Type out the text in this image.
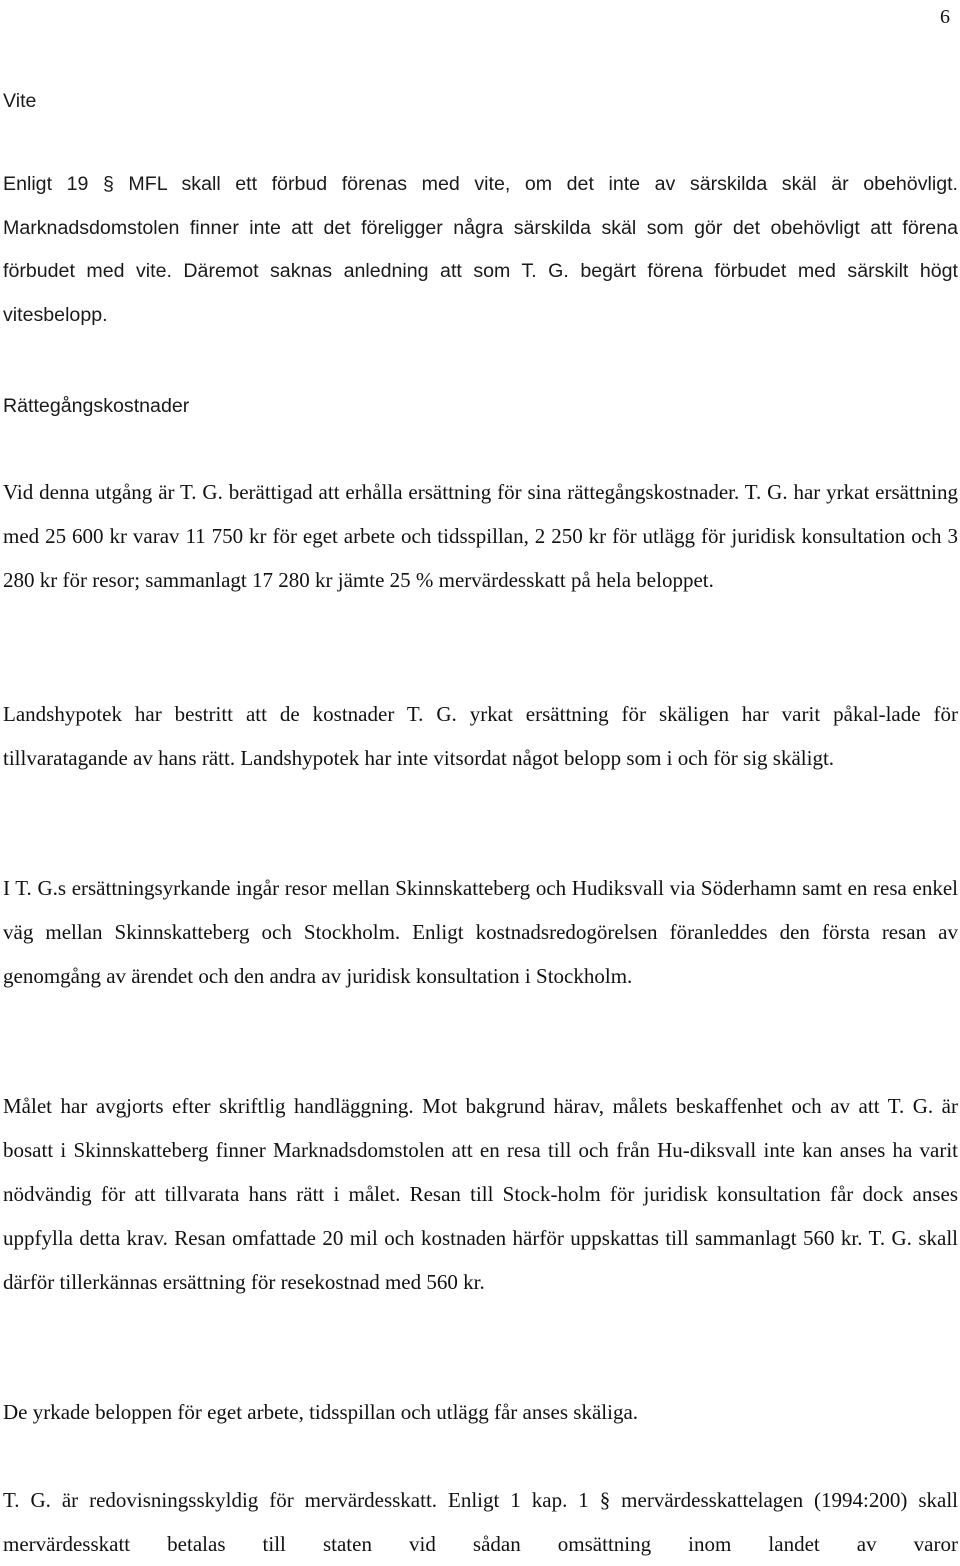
6
Vite

Enligt 19 § MFL skall ett förbud förenas med vite, om det inte av särskilda skäl är obehövligt. Marknadsdomstolen finner inte att det föreligger några särskilda skäl som gör det obehövligt att förena förbudet med vite. Däremot saknas anledning att som T. G. begärt förena förbudet med särskilt högt vitesbelopp.

Rättegångskostnader

Vid denna utgång är T. G. berättigad att erhålla ersättning för sina rättegångskostnader. T. G. har yrkat ersättning med 25 600 kr varav 11 750 kr för eget arbete och tidsspillan, 2 250 kr för utlägg för juridisk konsultation och 3 280 kr för resor; sammanlagt 17 280 kr jämte 25 % mervärdesskatt på hela beloppet.

Landshypotek har bestritt att de kostnader T. G. yrkat ersättning för skäligen har varit påkal-lade för tillvaratagande av hans rätt. Landshypotek har inte vitsordat något belopp som i och för sig skäligt.

I T. G.s ersättningsyrkande ingår resor mellan Skinnskatteberg och Hudiksvall via Söderhamn samt en resa enkel väg mellan Skinnskatteberg och Stockholm. Enligt kostnadsredogörelsen föranleddes den första resan av genomgång av ärendet och den andra av juridisk konsultation i Stockholm.

Målet har avgjorts efter skriftlig handläggning. Mot bakgrund härav, målets beskaffenhet och av att T. G. är bosatt i Skinnskatteberg finner Marknadsdomstolen att en resa till och från Hu-diksvall inte kan anses ha varit nödvändig för att tillvarata hans rätt i målet. Resan till Stock-holm för juridisk konsultation får dock anses uppfylla detta krav. Resan omfattade 20 mil och kostnaden härför uppskattas till sammanlagt 560 kr. T. G. skall därför tillerkännas ersättning för resekostnad med 560 kr.

De yrkade beloppen för eget arbete, tidsspillan och utlägg får anses skäliga.

T. G. är redovisningsskyldig för mervärdesskatt. Enligt 1 kap. 1 § mervärdesskattelagen (1994:200) skall mervärdesskatt betalas till staten vid sådan omsättning inom landet av varor
